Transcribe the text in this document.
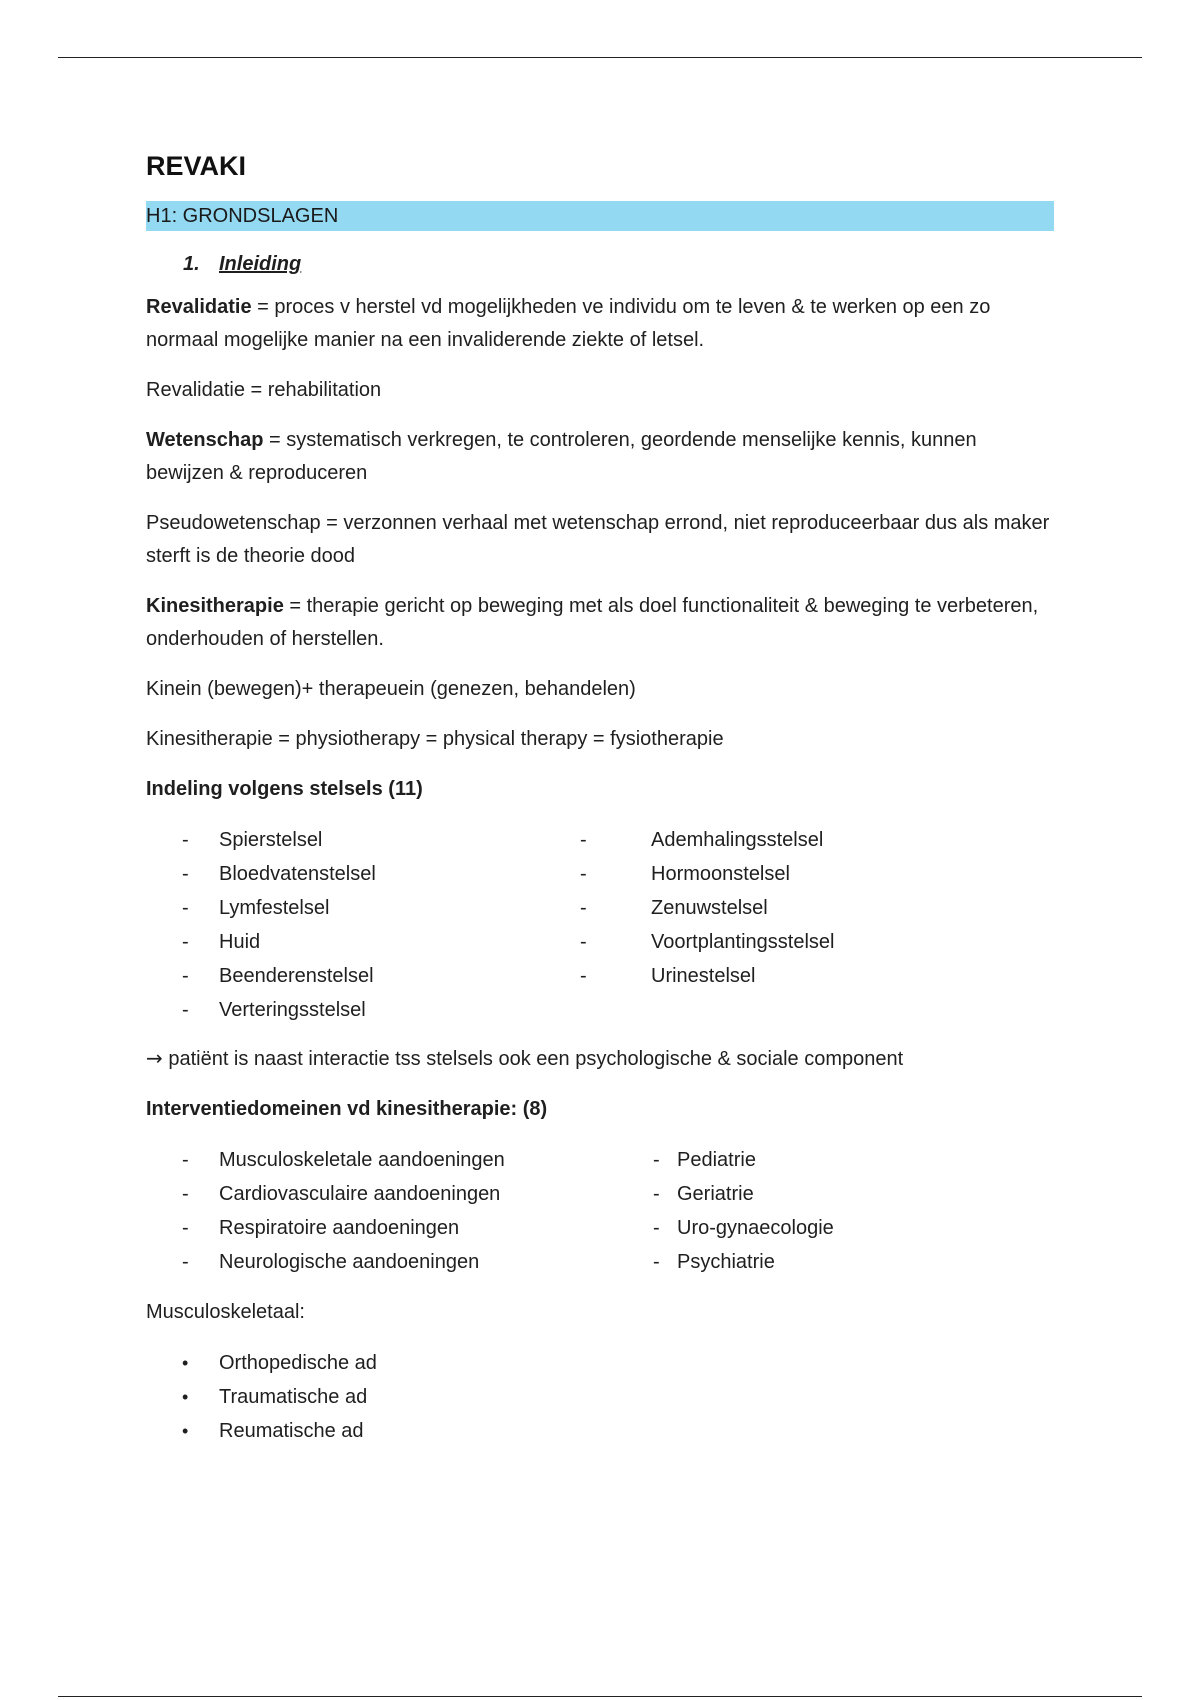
REVAKI
H1: GRONDSLAGEN
1. Inleiding

Revalidatie = proces v herstel vd mogelijkheden ve individu om te leven & te werken op een zo normaal mogelijke manier na een invaliderende ziekte of letsel.

Revalidatie = rehabilitation

Wetenschap = systematisch verkregen, te controleren, geordende menselijke kennis, kunnen bewijzen & reproduceren

Pseudowetenschap = verzonnen verhaal met wetenschap errond, niet reproduceerbaar dus als maker sterft is de theorie dood

Kinesitherapie = therapie gericht op beweging met als doel functionaliteit & beweging te verbeteren, onderhouden of herstellen.

Kinein (bewegen)+ therapeuein (genezen, behandelen)

Kinesitherapie = physiotherapy = physical therapy = fysiotherapie

Indeling volgens stelsels (11)
- Spierstelsel
- Bloedvatenstelsel
- Lymfestelsel
- Huid
- Beenderenstelsel
- Verteringsstelsel
-	Ademhalingsstelsel
-	Hormoonstelsel
-	Zenuwstelsel
-	Voortplantingsstelsel
-	Urinestelsel

→ patiënt is naast interactie tss stelsels ook een psychologische & sociale component

Interventiedomeinen vd kinesitherapie: (8)
- Musculoskeletale aandoeningen
- Cardiovasculaire aandoeningen
- Respiratoire aandoeningen
- Neurologische aandoeningen
- Pediatrie
- Geriatrie
- Uro-gynaecologie
- Psychiatrie

Musculoskeletaal:

• Orthopedische ad
• Traumatische ad
• Reumatische ad
